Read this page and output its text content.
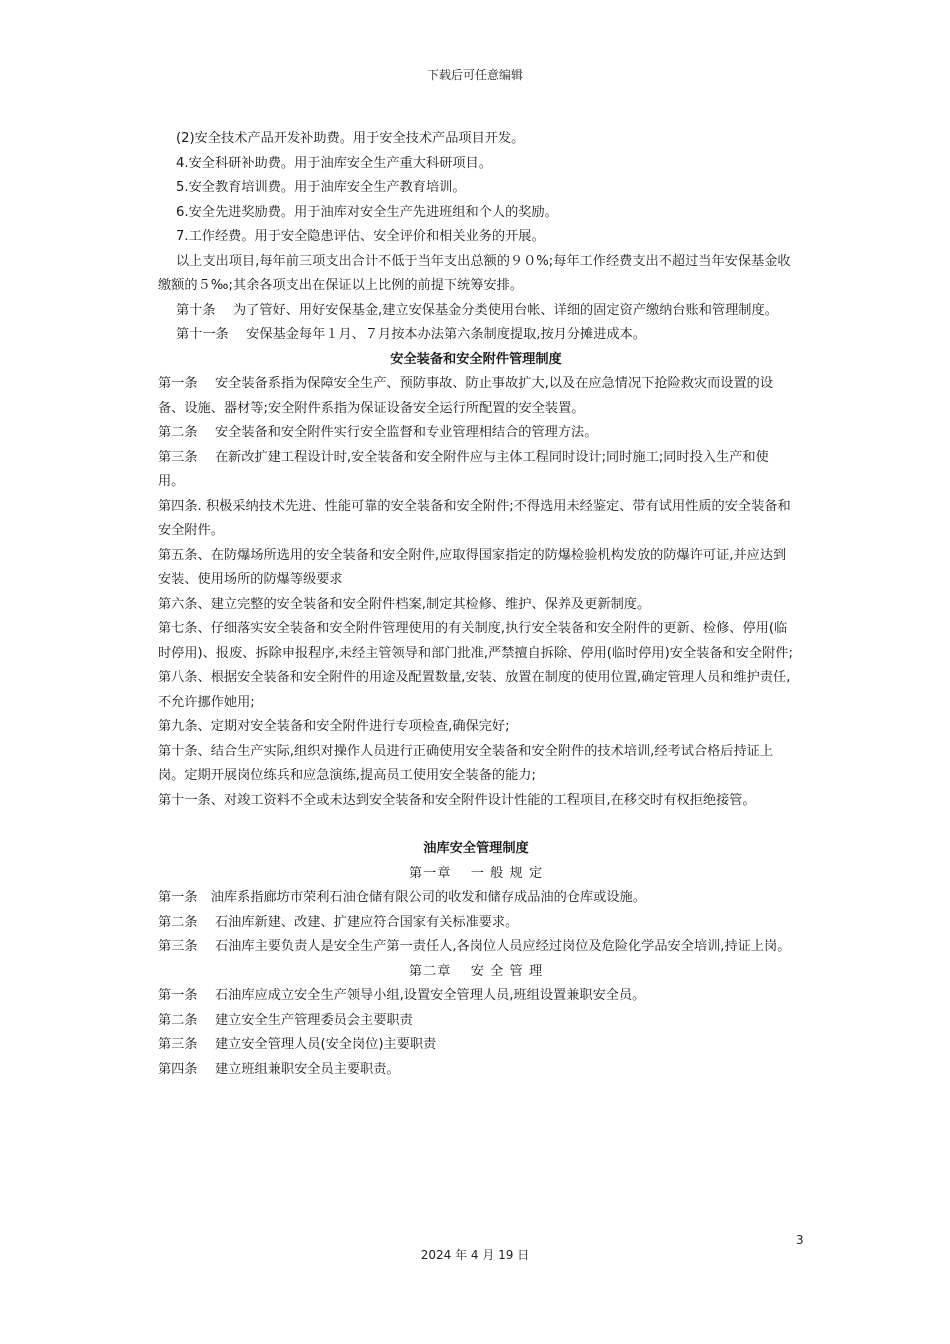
下载后可任意编辑

(2)安全技术产品开发补助费。用于安全技术产品项目开发。

4.安全科研补助费。用于油库安全生产重大科研项目。

5.安全教育培训费。用于油库安全生产教育培训。

6.安全先进奖励费。用于油库对安全生产先进班组和个人的奖励。

7.工作经费。用于安全隐患评估、安全评价和相关业务的开展。

以上支出项目,每年前三项支出合计不低于当年支出总额的９０%;每年工作经费支出不超过当年安保基金收缴额的５‰;其余各项支出在保证以上比例的前提下统筹安排。

第十条　 为了管好、用好安保基金,建立安保基金分类使用台帐、详细的固定资产缴纳台账和管理制度。

第十一条　 安保基金每年１月、７月按本办法第六条制度提取,按月分摊进成本。

安全装备和安全附件管理制度

第一条　 安全装备系指为保障安全生产、预防事故、防止事故扩大,以及在应急情况下抢险救灾而设置的设备、设施、器材等;安全附件系指为保证设备安全运行所配置的安全装置。

第二条　 安全装备和安全附件实行安全监督和专业管理相结合的管理方法。

第三条　 在新改扩建工程设计时,安全装备和安全附件应与主体工程同时设计;同时施工;同时投入生产和使用。

第四条. 积极采纳技术先进、性能可靠的安全装备和安全附件;不得选用未经鉴定、带有试用性质的安全装备和安全附件。

第五条、在防爆场所选用的安全装备和安全附件,应取得国家指定的防爆检验机构发放的防爆许可证,并应达到安装、使用场所的防爆等级要求

第六条、建立完整的安全装备和安全附件档案,制定其检修、维护、保养及更新制度。

第七条、仔细落实安全装备和安全附件管理使用的有关制度,执行安全装备和安全附件的更新、检修、停用(临时停用)、报废、拆除申报程序,未经主管领导和部门批准,严禁擅自拆除、停用(临时停用)安全装备和安全附件;

第八条、根据安全装备和安全附件的用途及配置数量,安装、放置在制度的使用位置,确定管理人员和维护责任,不允许挪作她用;

第九条、定期对安全装备和安全附件进行专项检查,确保完好;

第十条、结合生产实际,组织对操作人员进行正确使用安全装备和安全附件的技术培训,经考试合格后持证上岗。定期开展岗位练兵和应急演练,提高员工使用安全装备的能力;

第十一条、对竣工资料不全或未达到安全装备和安全附件设计性能的工程项目,在移交时有权拒绝接管。

油库安全管理制度

第一章　 一 般 规 定

第一条　油库系指廊坊市荣利石油仓储有限公司的收发和储存成品油的仓库或设施。

第二条　 石油库新建、改建、扩建应符合国家有关标准要求。

第三条　 石油库主要负责人是安全生产第一责任人,各岗位人员应经过岗位及危险化学品安全培训,持证上岗。

第二章　 安 全 管 理

第一条　 石油库应成立安全生产领导小组,设置安全管理人员,班组设置兼职安全员。

第二条　 建立安全生产管理委员会主要职责

第三条　 建立安全管理人员(安全岗位)主要职责

第四条　 建立班组兼职安全员主要职责。

3
2024 年 4 月 19 日
